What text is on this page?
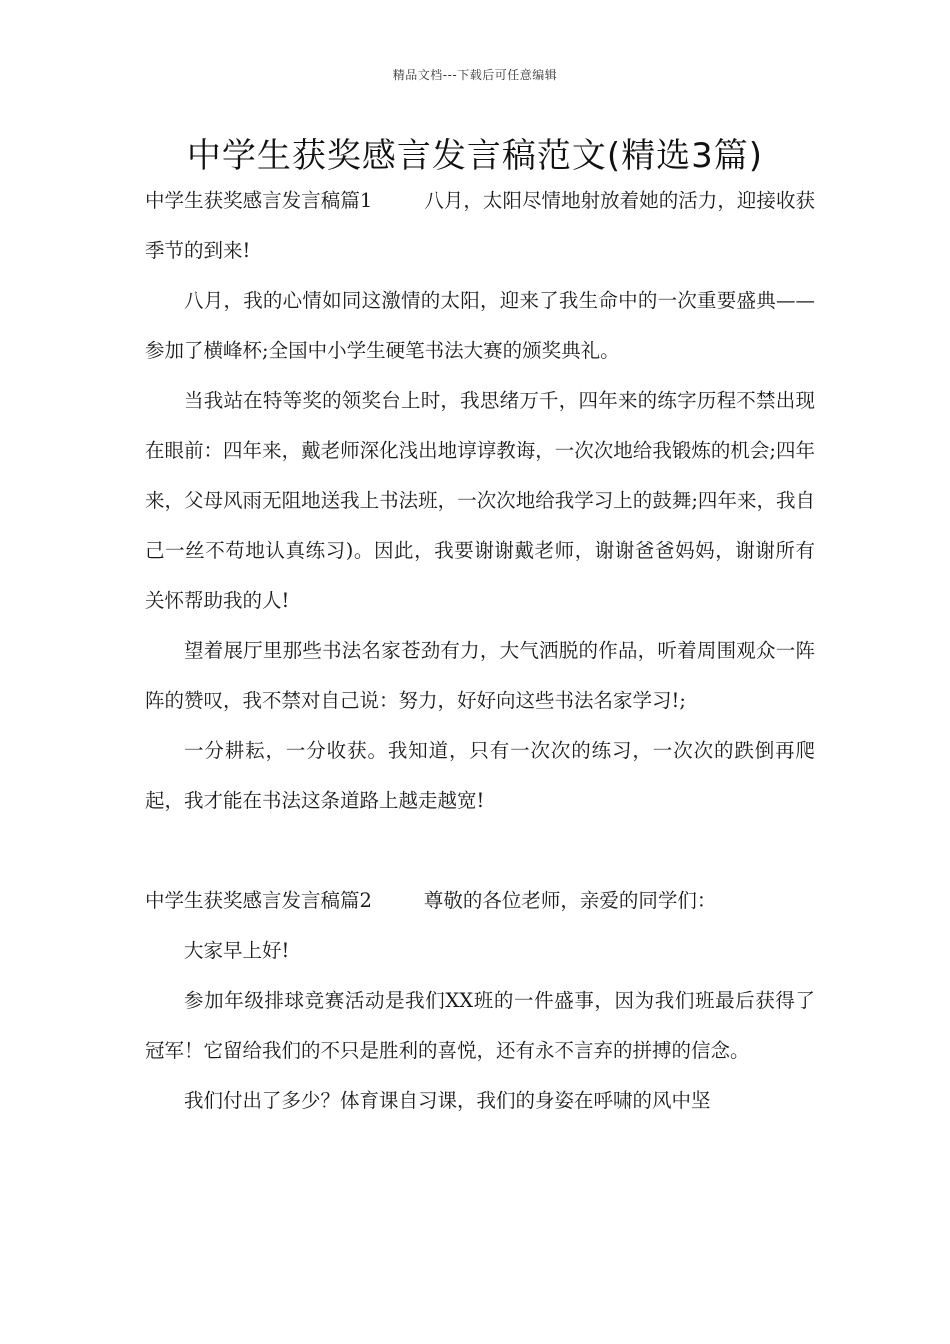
精品文档---下载后可任意编辑
中学生获奖感言发言稿范文(精选3篇)

中学生获奖感言发言稿篇1	八月，太阳尽情地射放着她的活力，迎接收获季节的到来!

八月，我的心情如同这激情的太阳，迎来了我生命中的一次重要盛典——参加了横峰杯;全国中小学生硬笔书法大赛的颁奖典礼。

当我站在特等奖的领奖台上时，我思绪万千，四年来的练字历程不禁出现在眼前：四年来，戴老师深化浅出地谆谆教诲，一次次地给我锻炼的机会;四年来，父母风雨无阻地送我上书法班，一次次地给我学习上的鼓舞;四年来，我自己一丝不苟地认真练习)。因此，我要谢谢戴老师，谢谢爸爸妈妈，谢谢所有关怀帮助我的人!

望着展厅里那些书法名家苍劲有力，大气洒脱的作品，听着周围观众一阵阵的赞叹，我不禁对自己说：努力，好好向这些书法名家学习!;

一分耕耘，一分收获。我知道，只有一次次的练习，一次次的跌倒再爬起，我才能在书法这条道路上越走越宽!

中学生获奖感言发言稿篇2	尊敬的各位老师，亲爱的同学们：

大家早上好!

参加年级排球竞赛活动是我们XX班的一件盛事，因为我们班最后获得了冠军！它留给我们的不只是胜利的喜悦，还有永不言弃的拼搏的信念。

我们付出了多少？体育课自习课，我们的身姿在呼啸的风中坚
